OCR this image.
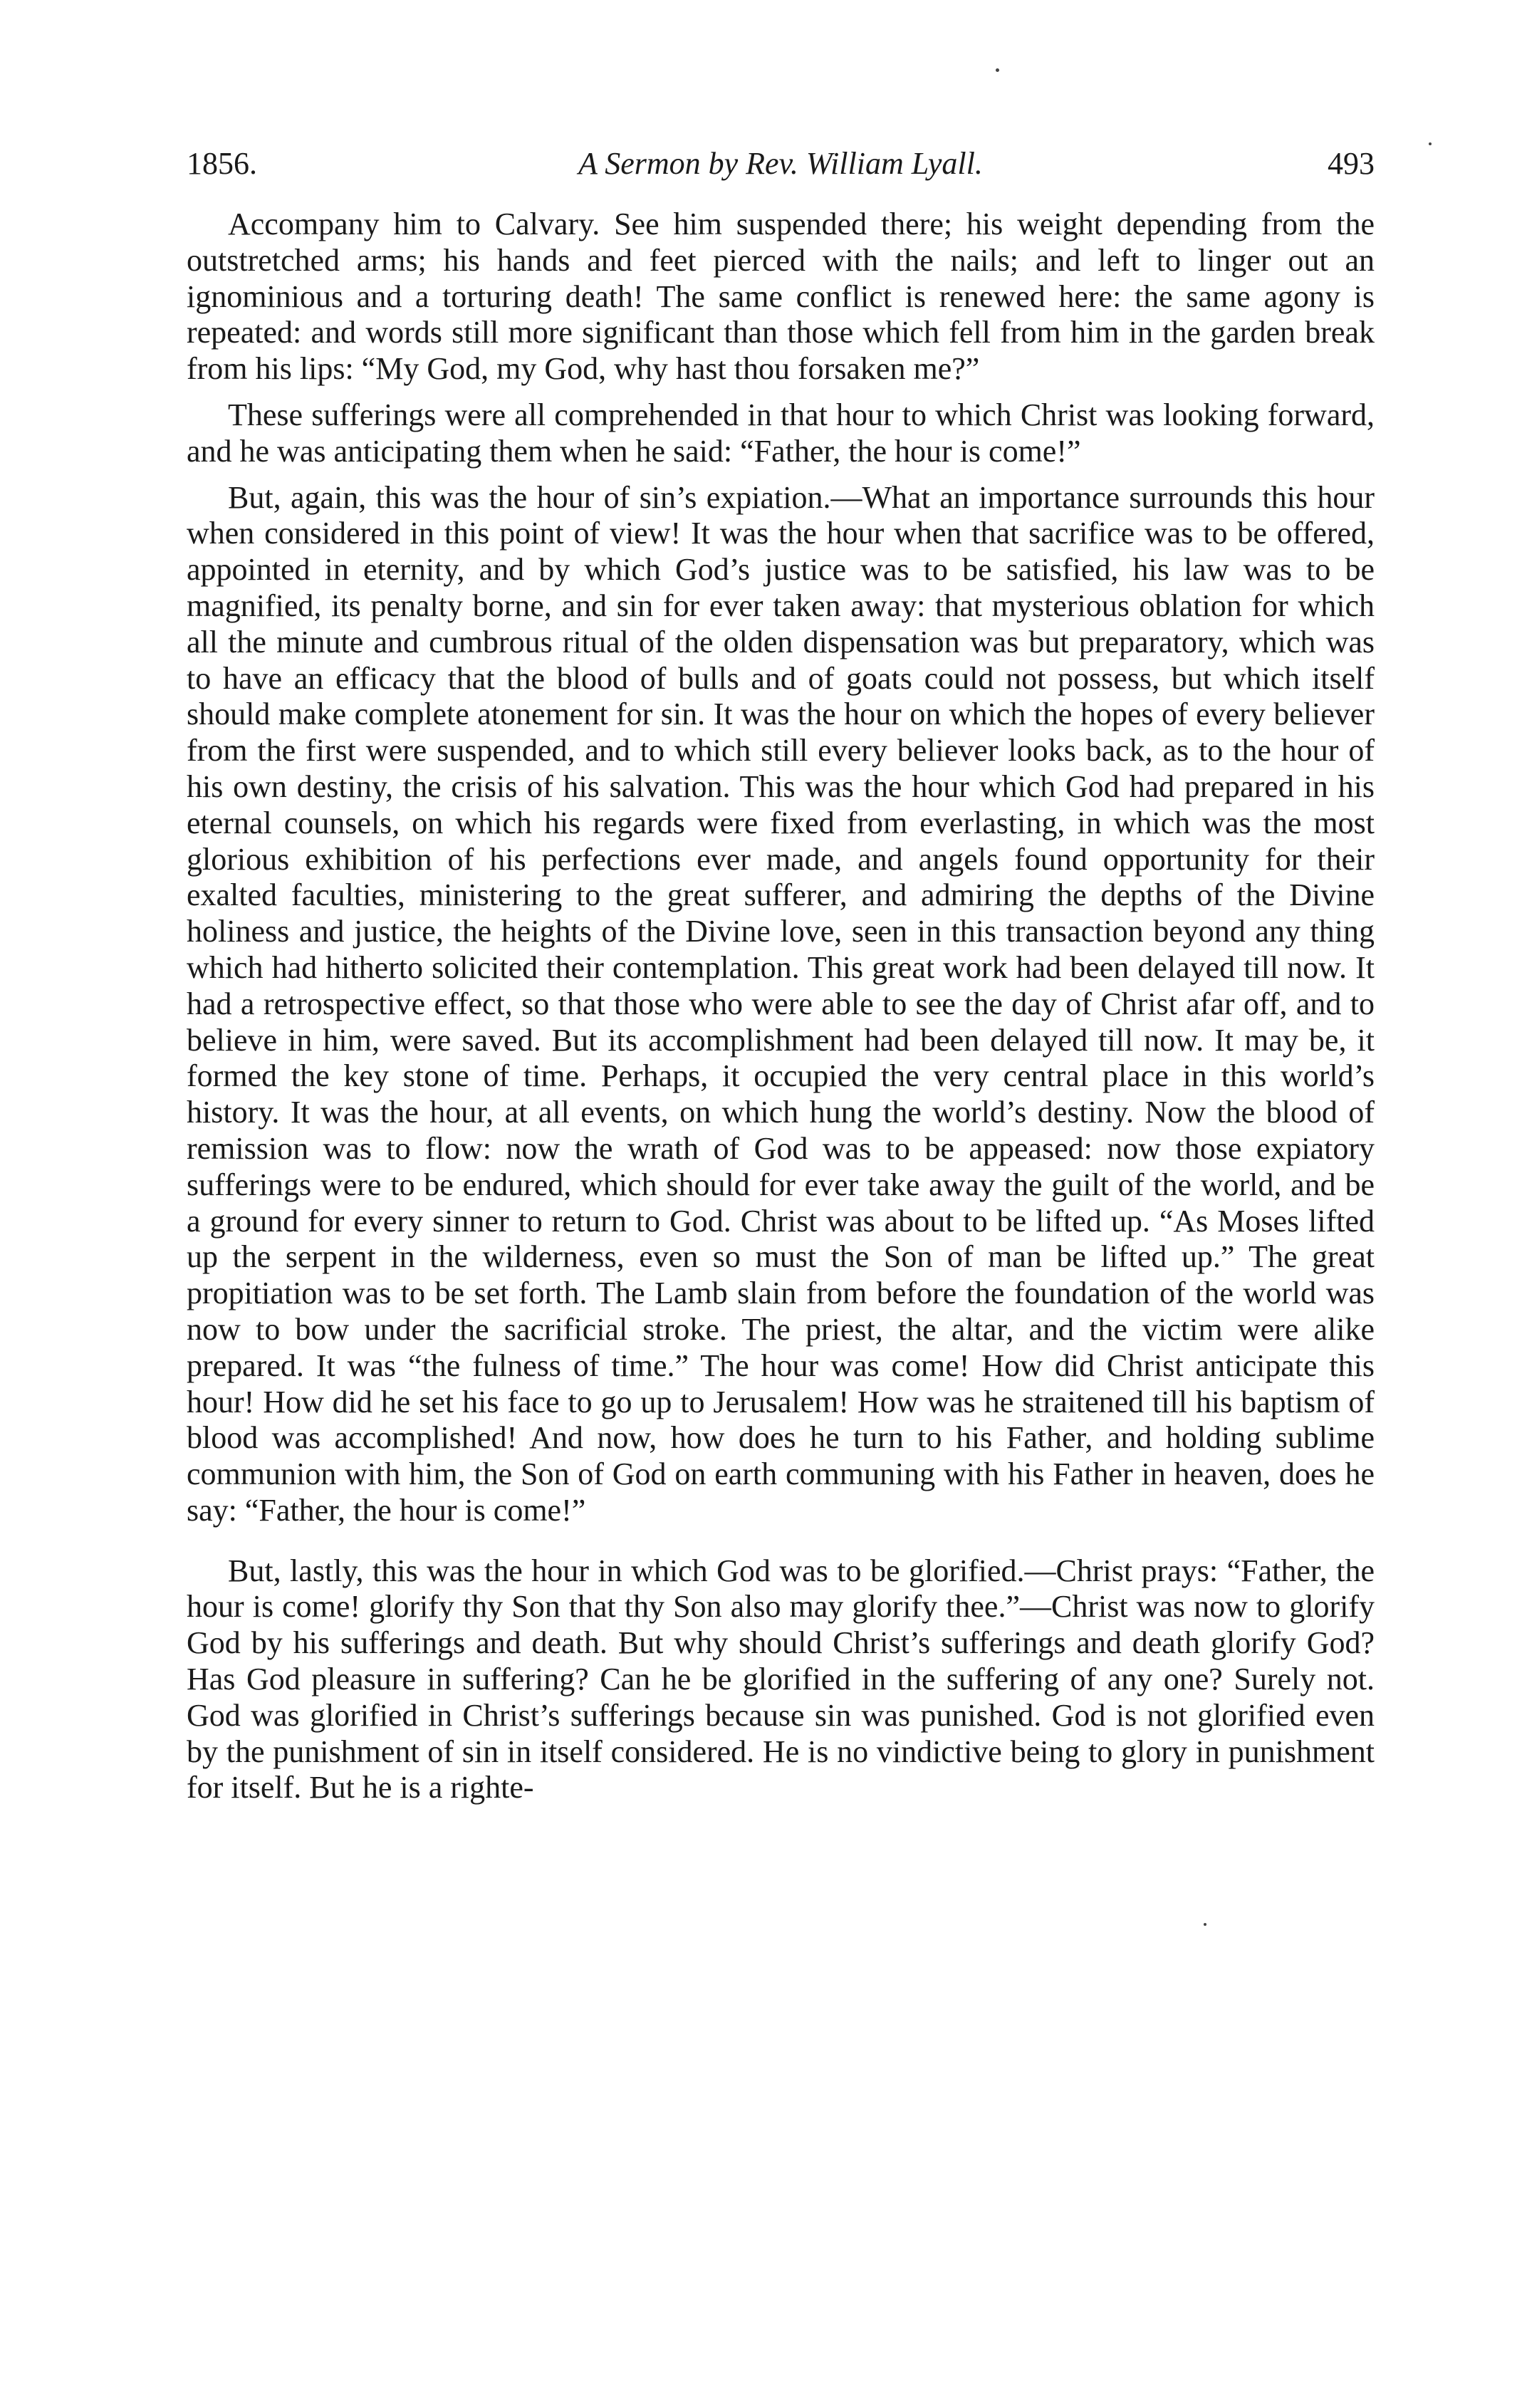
1856.	A Sermon by Rev. William Lyall.	493

Accompany him to Calvary. See him suspended there; his weight depending from the outstretched arms; his hands and feet pierced with the nails; and left to linger out an ignominious and a torturing death! The same conflict is renewed here: the same agony is repeated: and words still more significant than those which fell from him in the garden break from his lips: “My God, my God, why hast thou forsaken me?”

These sufferings were all comprehended in that hour to which Christ was looking forward, and he was anticipating them when he said: “Father, the hour is come!”

But, again, this was the hour of sin’s expiation.—What an importance surrounds this hour when considered in this point of view! It was the hour when that sacrifice was to be offered, appointed in eternity, and by which God’s justice was to be satisfied, his law was to be magnified, its penalty borne, and sin for ever taken away: that mysterious oblation for which all the minute and cumbrous ritual of the olden dispensation was but preparatory, which was to have an efficacy that the blood of bulls and of goats could not possess, but which itself should make complete atonement for sin. It was the hour on which the hopes of every believer from the first were suspended, and to which still every believer looks back, as to the hour of his own destiny, the crisis of his salvation. This was the hour which God had prepared in his eternal counsels, on which his regards were fixed from everlasting, in which was the most glorious exhibition of his perfections ever made, and angels found opportunity for their exalted faculties, ministering to the great sufferer, and admiring the depths of the Divine holiness and justice, the heights of the Divine love, seen in this transaction beyond any thing which had hitherto solicited their contemplation. This great work had been delayed till now. It had a retrospective effect, so that those who were able to see the day of Christ afar off, and to believe in him, were saved. But its accomplishment had been delayed till now. It may be, it formed the key stone of time. Perhaps, it occupied the very central place in this world’s history. It was the hour, at all events, on which hung the world’s destiny. Now the blood of remission was to flow: now the wrath of God was to be appeased: now those expiatory sufferings were to be endured, which should for ever take away the guilt of the world, and be a ground for every sinner to return to God. Christ was about to be lifted up. “As Moses lifted up the serpent in the wilderness, even so must the Son of man be lifted up.” The great propitiation was to be set forth. The Lamb slain from before the foundation of the world was now to bow under the sacrificial stroke. The priest, the altar, and the victim were alike prepared. It was “the fulness of time.” The hour was come! How did Christ anticipate this hour! How did he set his face to go up to Jerusalem! How was he straitened till his baptism of blood was accomplished! And now, how does he turn to his Father, and holding sublime communion with him, the Son of God on earth communing with his Father in heaven, does he say: “Father, the hour is come!”

But, lastly, this was the hour in which God was to be glorified.—Christ prays: “Father, the hour is come! glorify thy Son that thy Son also may glorify thee.”—Christ was now to glorify God by his sufferings and death. But why should Christ’s sufferings and death glorify God? Has God pleasure in suffering? Can he be glorified in the suffering of any one? Surely not. God was glorified in Christ’s sufferings because sin was punished. God is not glorified even by the punishment of sin in itself considered. He is no vindictive being to glory in punishment for itself. But he is a righte-
